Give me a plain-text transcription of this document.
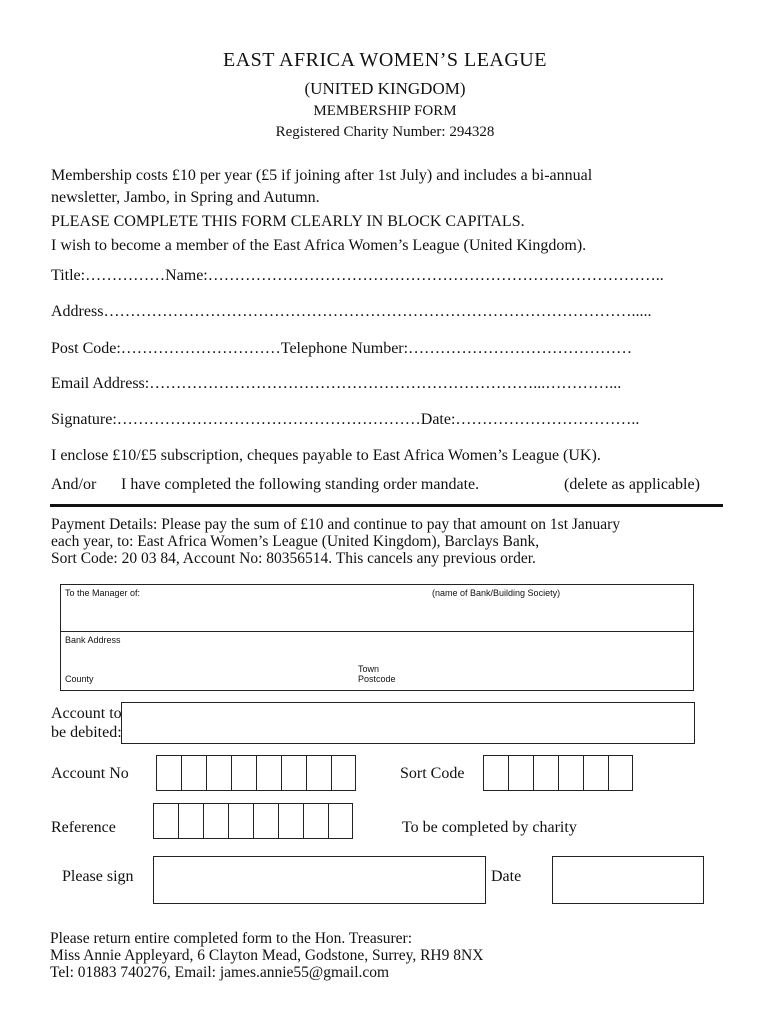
EAST AFRICA WOMEN’S LEAGUE
(UNITED KINGDOM)
MEMBERSHIP FORM
Registered Charity Number: 294328
Membership costs £10 per year (£5 if joining after 1st July) and includes a bi-annual
newsletter, Jambo, in Spring and Autumn.
PLEASE COMPLETE THIS FORM CLEARLY IN BLOCK CAPITALS.
I wish to become a member of the East Africa Women’s League (United Kingdom).
Title:……………Name:…………………………………………………………………………..
Address……………………………………………………………………………………….....
Post Code:…………………………Telephone Number:……………………………………
Email Address:………………………………………………………………...…………...
Signature:…………………………………………………Date:……………………………..
I enclose £10/£5 subscription, cheques payable to East Africa Women’s League (UK).
And/or I have completed the following standing order mandate.	(delete as applicable)
Payment Details: Please pay the sum of £10 and continue to pay that amount on 1st January
each year, to: East Africa Women’s League (United Kingdom), Barclays Bank,
Sort Code: 20 03 84, Account No: 80356514. This cancels any previous order.
To the Manager of:	(name of Bank/Building Society)
Bank Address
Town
Postcode
County
Account to
be debited:
Account No	Sort Code
Reference	To be completed by charity
Please sign	Date
Please return entire completed form to the Hon. Treasurer:
Miss Annie Appleyard, 6 Clayton Mead, Godstone, Surrey, RH9 8NX
Tel: 01883 740276, Email: james.annie55@gmail.com
